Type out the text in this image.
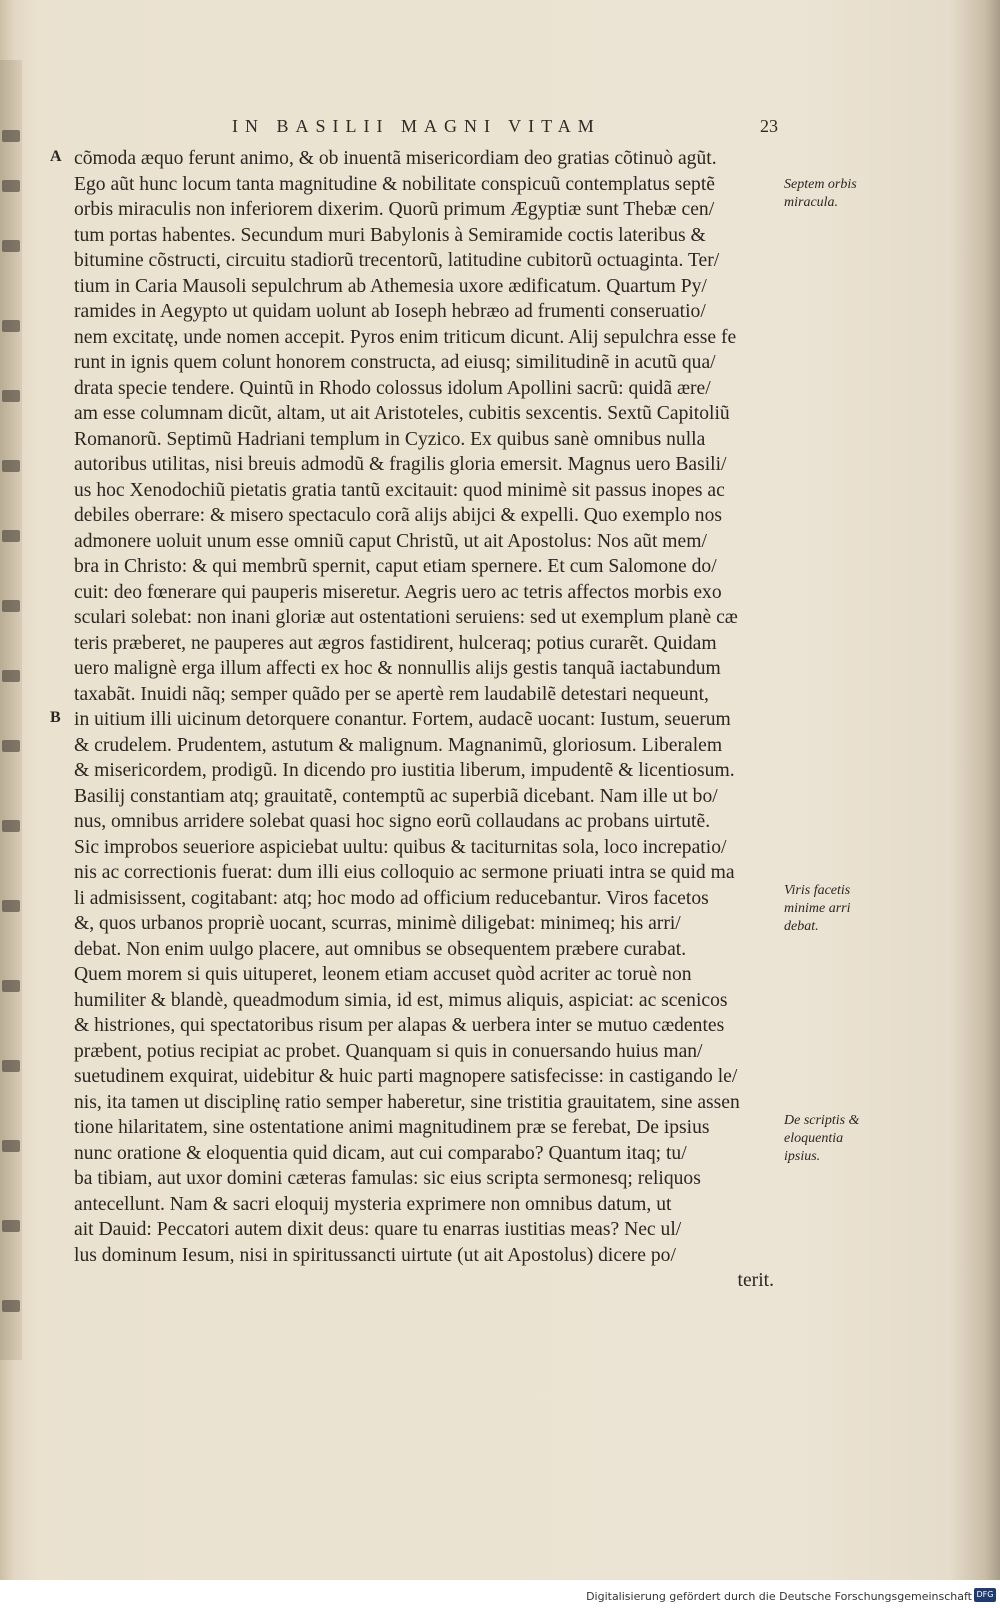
IN BASILII MAGNI VITAM	23
A
B
cõmoda æquo ferunt animo, & ob inuentã misericordiam deo gratias cõtinuò agũt.
Ego aũt hunc locum tanta magnitudine & nobilitate conspicuũ contemplatus septẽ
orbis miraculis non inferiorem dixerim. Quorũ primum Ægyptiæ sunt Thebæ cen/
tum portas habentes. Secundum muri Babylonis à Semiramide coctis lateribus &
bitumine cõstructi, circuitu stadiorũ trecentorũ, latitudine cubitorũ octuaginta. Ter/
tium in Caria Mausoli sepulchrum ab Athemesia uxore ædificatum. Quartum Py/
ramides in Aegypto ut quidam uolunt ab Ioseph hebræo ad frumenti conseruatio/
nem excitatę, unde nomen accepit. Pyros enim triticum dicunt. Alij sepulchra esse fe
runt in ignis quem colunt honorem constructa, ad eiusq; similitudinẽ in acutũ qua/
drata specie tendere. Quintũ in Rhodo colossus idolum Apollini sacrũ: quidã ære/
am esse columnam dicũt, altam, ut ait Aristoteles, cubitis sexcentis. Sextũ Capitoliũ
Romanorũ. Septimũ Hadriani templum in Cyzico. Ex quibus sanè omnibus nulla
autoribus utilitas, nisi breuis admodũ & fragilis gloria emersit. Magnus uero Basili/
us hoc Xenodochiũ pietatis gratia tantũ excitauit: quod minimè sit passus inopes ac
debiles oberrare: & misero spectaculo corã alijs abijci & expelli. Quo exemplo nos
admonere uoluit unum esse omniũ caput Christũ, ut ait Apostolus: Nos aũt mem/
bra in Christo: & qui membrũ spernit, caput etiam spernere. Et cum Salomone do/
cuit: deo fœnerare qui pauperis miseretur. Aegris uero ac tetris affectos morbis exo
sculari solebat: non inani gloriæ aut ostentationi seruiens: sed ut exemplum planè cæ
teris præberet, ne pauperes aut ægros fastidirent, hulceraq; potius curarẽt. Quidam
uero malignè erga illum affecti ex hoc & nonnullis alijs gestis tanquã iactabundum
taxabãt. Inuidi nãq; semper quãdo per se apertè rem laudabilẽ detestari nequeunt,
in uitium illi uicinum detorquere conantur. Fortem, audacẽ uocant: Iustum, seuerum
& crudelem. Prudentem, astutum & malignum. Magnanimũ, gloriosum. Liberalem
& misericordem, prodigũ. In dicendo pro iustitia liberum, impudentẽ & licentiosum.
Basilij constantiam atq; grauitatẽ, contemptũ ac superbiã dicebant. Nam ille ut bo/
nus, omnibus arridere solebat quasi hoc signo eorũ collaudans ac probans uirtutẽ.
Sic improbos seueriore aspiciebat uultu: quibus & taciturnitas sola, loco increpatio/
nis ac correctionis fuerat: dum illi eius colloquio ac sermone priuati intra se quid ma
li admisissent, cogitabant: atq; hoc modo ad officium reducebantur. Viros facetos
&, quos urbanos propriè uocant, scurras, minimè diligebat: minimeq; his arri/
debat. Non enim uulgo placere, aut omnibus se obsequentem præbere curabat.
Quem morem si quis uituperet, leonem etiam accuset quòd acriter ac toruè non
humiliter & blandè, queadmodum simia, id est, mimus aliquis, aspiciat: ac scenicos
& histriones, qui spectatoribus risum per alapas & uerbera inter se mutuo cædentes
præbent, potius recipiat ac probet. Quanquam si quis in conuersando huius man/
suetudinem exquirat, uidebitur & huic parti magnopere satisfecisse: in castigando le/
nis, ita tamen ut disciplinę ratio semper haberetur, sine tristitia grauitatem, sine assen
tione hilaritatem, sine ostentatione animi magnitudinem præ se ferebat, De ipsius
nunc oratione & eloquentia quid dicam, aut cui comparabo? Quantum itaq; tu/
ba tibiam, aut uxor domini cæteras famulas: sic eius scripta sermonesq; reliquos
antecellunt. Nam & sacri eloquij mysteria exprimere non omnibus datum, ut
ait Dauid: Peccatori autem dixit deus: quare tu enarras iustitias meas? Nec ul/
lus dominum Iesum, nisi in spiritussancti uirtute (ut ait Apostolus) dicere po/
terit.
Septem orbis
miracula.
Viris facetis
minime arri
debat.
De scriptis &
eloquentia
ipsius.
Digitalisierung gefördert durch die Deutsche Forschungsgemeinschaft DFG
